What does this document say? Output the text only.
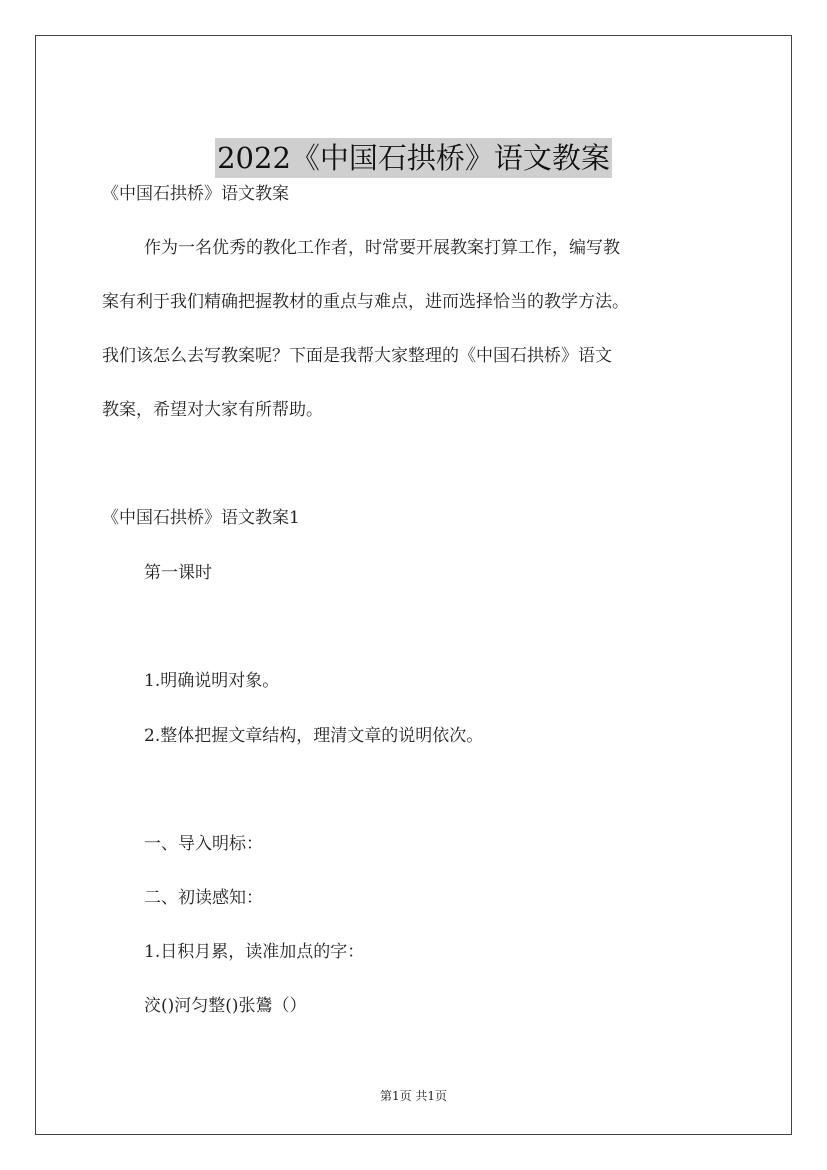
2022《中国石拱桥》语文教案
《中国石拱桥》语文教案
作为一名优秀的教化工作者，时常要开展教案打算工作，编写教
案有利于我们精确把握教材的重点与难点，进而选择恰当的教学方法。
我们该怎么去写教案呢？下面是我帮大家整理的《中国石拱桥》语文
教案，希望对大家有所帮助。
《中国石拱桥》语文教案1
第一课时
1.明确说明对象。
2.整体把握文章结构，理清文章的说明依次。
一、导入明标：
二、初读感知：
1.日积月累，读准加点的字：
洨()河匀整()张鷟（）
第1页 共1页
